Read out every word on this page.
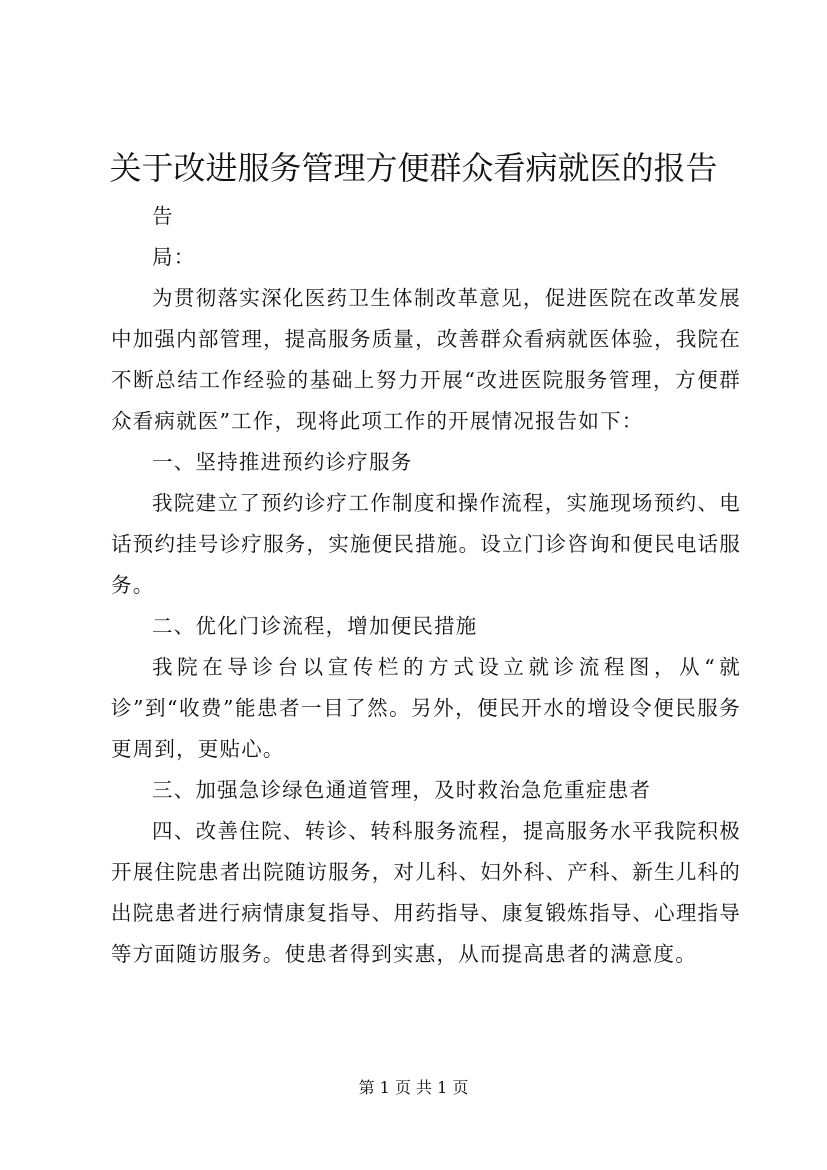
关于改进服务管理方便群众看病就医的报告

告

局：

为贯彻落实深化医药卫生体制改革意见，促进医院在改革发展中加强内部管理，提高服务质量，改善群众看病就医体验，我院在不断总结工作经验的基础上努力开展“改进医院服务管理，方便群众看病就医”工作，现将此项工作的开展情况报告如下：

一、坚持推进预约诊疗服务

我院建立了预约诊疗工作制度和操作流程，实施现场预约、电话预约挂号诊疗服务，实施便民措施。设立门诊咨询和便民电话服务。

二、优化门诊流程，增加便民措施

我院在导诊台以宣传栏的方式设立就诊流程图，从“就诊”到“收费”能患者一目了然。另外，便民开水的增设令便民服务更周到，更贴心。

三、加强急诊绿色通道管理，及时救治急危重症患者

四、改善住院、转诊、转科服务流程，提高服务水平我院积极开展住院患者出院随访服务，对儿科、妇外科、产科、新生儿科的出院患者进行病情康复指导、用药指导、康复锻炼指导、心理指导等方面随访服务。使患者得到实惠，从而提高患者的满意度。

第 1 页 共 1 页
